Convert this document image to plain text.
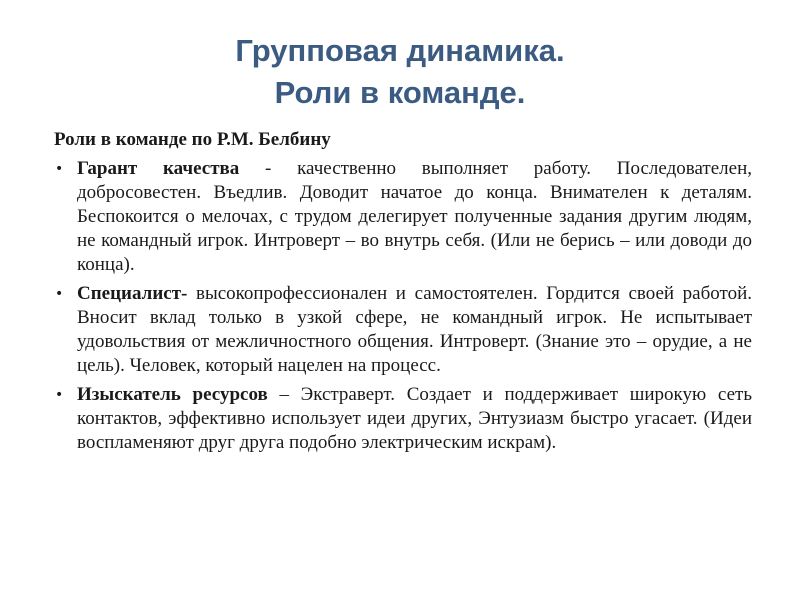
Групповая динамика.
Роли в команде.
Роли в команде по Р.М. Белбину
• Гарант качества - качественно выполняет работу. Последователен, добросовестен. Въедлив. Доводит начатое до конца. Внимателен к деталям. Беспокоится о мелочах, с трудом делегирует полученные задания другим людям, не командный игрок. Интроверт – во внутрь себя. (Или не берись – или доводи до конца).
• Специалист- высокопрофессионален и самостоятелен. Гордится своей работой. Вносит вклад только в узкой сфере, не командный игрок. Не испытывает удовольствия от межличностного общения. Интроверт. (Знание это – орудие, а не цель). Человек, который нацелен на процесс.
• Изыскатель ресурсов – Экстраверт. Создает и поддерживает широкую сеть контактов, эффективно использует идеи других, Энтузиазм быстро угасает. (Идеи воспламеняют друг друга подобно электрическим искрам).
